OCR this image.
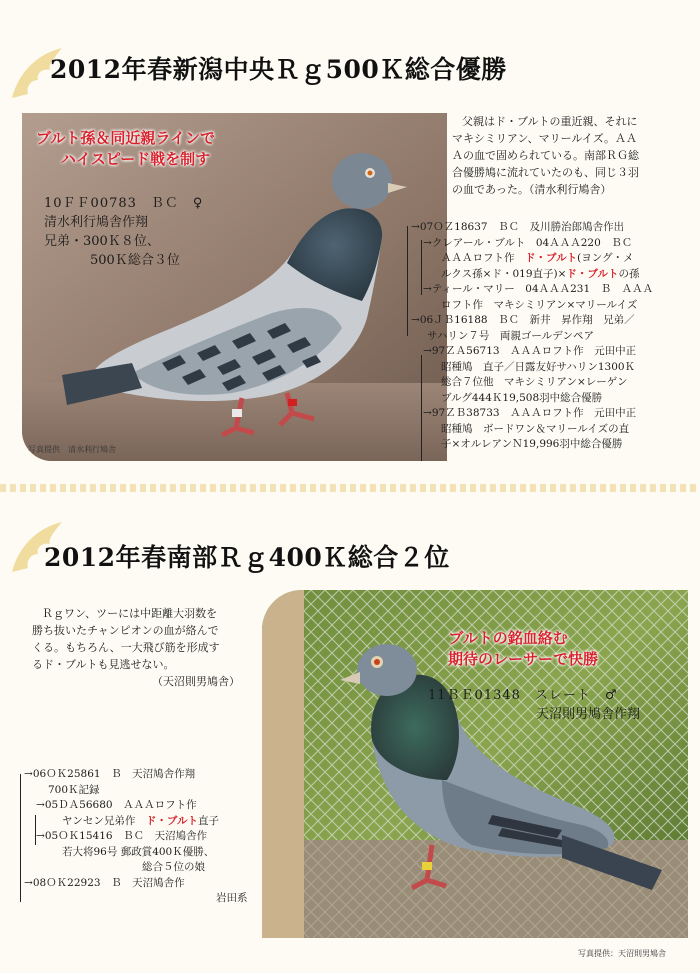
2012年春新潟中央Ｒｇ500Ｋ総合優勝
ブルト孫＆同近親ラインで
ハイスピード戦を制す
10ＦＦ00783　ＢＣ　♀
清水利行鳩舎作翔
兄弟・300Ｋ８位、
500Ｋ総合３位
写真提供　清水利行鳩舎
父親はド・ブルトの重近親、それに
マキシミリアン、マリールイズ。ＡＡ
Ａの血で固められている。南部ＲＧ総
合優勝鳩に流れていたのも、同じ３羽
の血であった。（清水利行鳩舎）
→07ＯＺ18637　ＢＣ　及川勝治郎鳩舎作出
→クレアール・ブルト　04ＡＡＡ220　ＢＣ
ＡＡＡロフト作　 ド・ブルト(ヨング・メ
ルクス孫×ド・019直子)×ド・ブルトの孫
→ティール・マリー　04ＡＡＡ231　Ｂ　ＡＡＡ
ロフト作　マキシミリアン×マリールイズ
→06ＪＢ16188　ＢＣ　新井　昇作翔　兄弟／
サハリン７号　両親ゴールデンペア
→97ＺＡ56713　ＡＡＡロフト作　元田中正
昭種鳩　直子／日露友好サハリン1300Ｋ
総合７位他　マキシミリアン×レーゲン
ブルグ444Ｋ19,508羽中総合優勝
→97ＺＢ38733　ＡＡＡロフト作　元田中正
昭種鳩　ボードワン＆マリールイズの直
子×オルレアンＮ19,996羽中総合優勝
2012年春南部Ｒｇ400Ｋ総合２位
Ｒｇワン、ツーには中距離大羽数を
勝ち抜いたチャンピオンの血が絡んで
くる。もちろん、一大飛び筋を形成す
るド・ブルトも見逃せない。
（天沼則男鳩舎）
ブルトの銘血絡む
期待のレーサーで快勝
11ＢＥ01348　スレート　♂
天沼則男鳩舎作翔
写真提供：天沼則男鳩舎
→06ＯＫ25861　Ｂ　天沼鳩舎作翔
700Ｋ記録
→05ＤＡ56680　ＡＡＡロフト作
ヤンセン兄弟作　 ド・ブルト直子
→05ＯＫ15416　ＢＣ　天沼鳩舎作
若大将96号 郵政賞400Ｋ優勝、
総合５位の娘
→08ＯＫ22923　Ｂ　天沼鳩舎作
岩田系
